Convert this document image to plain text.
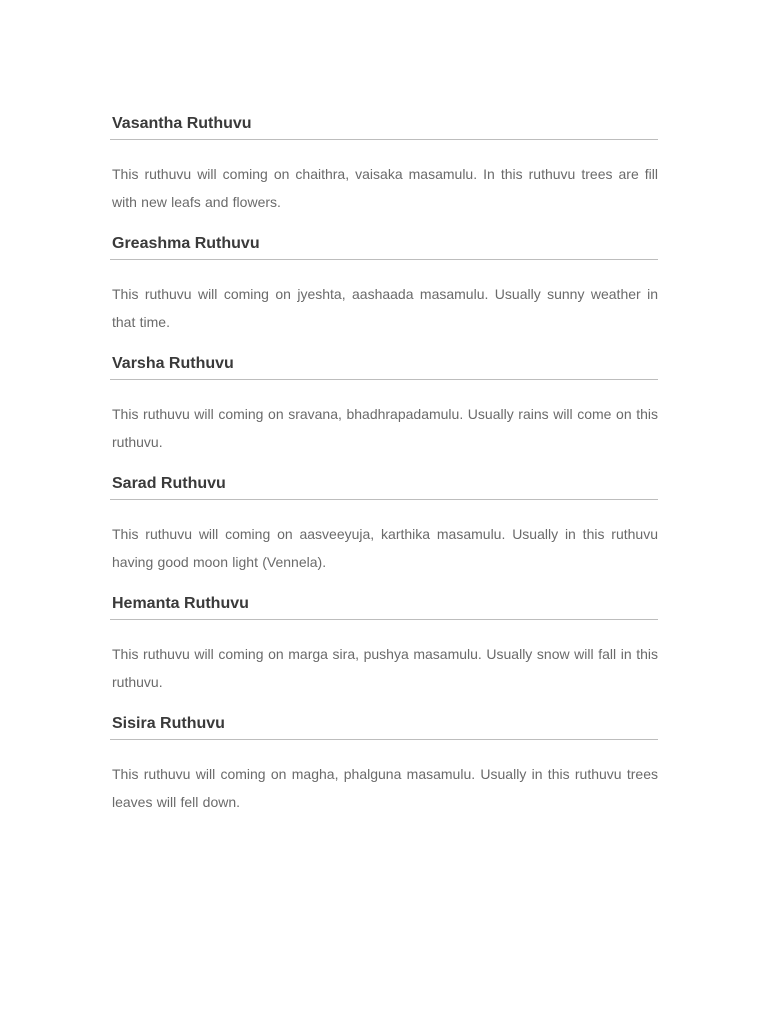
Vasantha Ruthuvu

This ruthuvu will coming on chaithra, vaisaka masamulu. In this ruthuvu trees are fill with new leafs and flowers.

Greashma Ruthuvu

This ruthuvu will coming on jyeshta, aashaada masamulu. Usually sunny weather in that time.

Varsha Ruthuvu

This ruthuvu will coming on sravana, bhadhrapadamulu. Usually rains will come on this ruthuvu.

Sarad Ruthuvu

This ruthuvu will coming on aasveeyuja, karthika masamulu. Usually in this ruthuvu having good moon light (Vennela).

Hemanta Ruthuvu

This ruthuvu will coming on marga sira, pushya masamulu. Usually snow will fall in this ruthuvu.

Sisira Ruthuvu

This ruthuvu will coming on magha, phalguna masamulu. Usually in this ruthuvu trees leaves will fell down.
